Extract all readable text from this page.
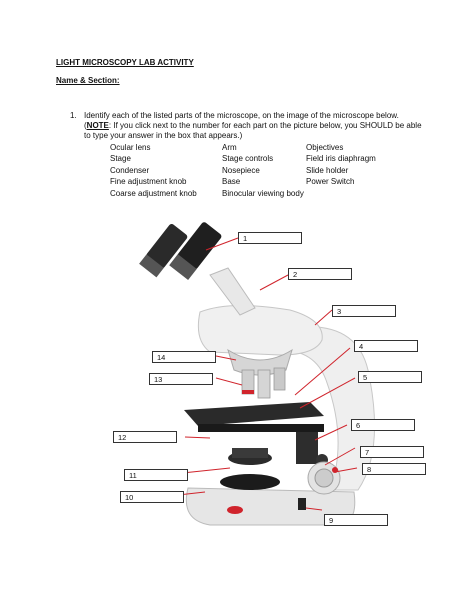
LIGHT MICROSCOPY LAB ACTIVITY
Name & Section:
1. Identify each of the listed parts of the microscope, on the image of the microscope below.
(NOTE: If you click next to the number for each part on the picture below, you SHOULD be able to type your answer in the box that appears.)
Ocular lens
Stage
Condenser
Fine adjustment knob
Coarse adjustment knob
Arm
Stage controls
Nosepiece
Base
Binocular viewing body
Objectives
Field iris diaphragm
Slide holder
Power Switch
1
2
3
4
5
6
7
8
9
10
11
12
13
14
